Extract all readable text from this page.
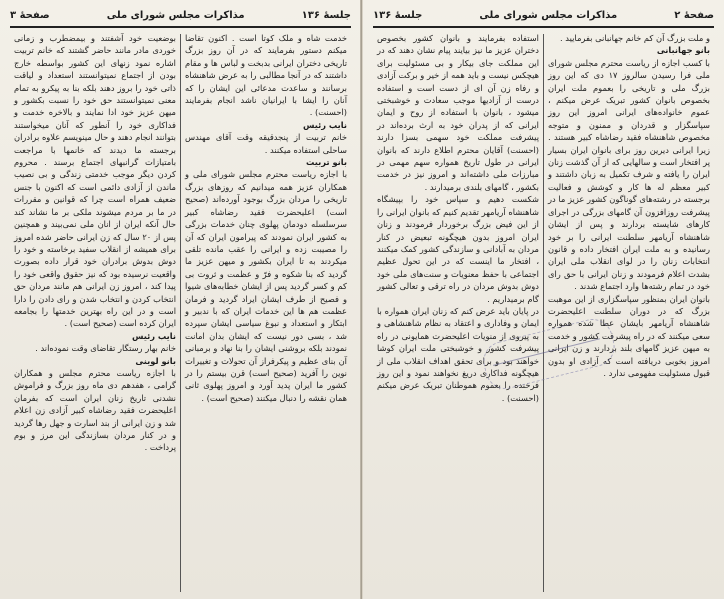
جلسهٔ ۱۳۶
مذاکرات مجلس شورای ملی
صفحهٔ ۳

خدمت شاه و ملک کوتا است . اکنون تقاضا میکنم دستور بفرمایند که در آن روز بزرگ تاریخی دختران ایرانی بدبخت و لباس ها و مقام داشتند که در آنجا مطالبی را به عرض شاهنشاه برسانند و ساعدت مدعائی این ایشان را که آنان را ایشا با ایرانیان ناشد انجام بفرمایند (احسنت) .

نایب رئیس

خانم تربیت از پنجدقیقه وقت آقای مهندس ساحلی استفاده میکنند .

بانو تربیت

با اجازه ریاست محترم مجلس شورای ملی و همکاران عزیز همه میدانیم که روزهای بزرگ تاریخی را مردان بزرگ بوجود آورده‌اند (صحیح است) اعلیحضرت فقید رضاشاه کبیر سرسلسله دودمان پهلوی چنان خدمات بزرگی به کشور ایران نمودند که پیرامون ایران که آن را مصیبت زده و ایرانی را عقب مانده تلقی میکردند به تا ایران بکشور و میهن عزیز ما گردید که بنا شکوه و فرّ و عظمت و ثروت بی کم و کسر گردید پس از ایشان خطابه‌های شیوا و فصیح از طرف ایشان ایراد گردید و فرمان عظمت هم ها این خدمات ایران که با ندبیر و ابتکار و استعداد و نبوغ سیاسی ایشان سپرده شد ، بسی دور نیست که ایشان بدان امانت نمودند بلکه بروشنی ایشان را بنا نهاد و برمبانی آن بنای عظیم و پیکرفراز آن تحولات و تغییرات نوین را آفرید (صحیح است) قرن بیستم را در کشور ما ایران پدید آورد و امروز پهلوی ثانی همان نقشه را دنبال میکنند (صحیح است) .

بوضعیت خود آشفتند و بیمضطرب و زمانی خوردی مادر مانند حاضر گشتند که خانم تربیت اشاره نمود زنهای این کشور بواسطه خارج بودن از اجتماع نمیتوانستند استعداد و لیاقت ذاتی خود را بروز دهند بلکه بنا به پیکرو به تمام معنی نمیتوانستند حق خود را نسبت بکشور و میهن عزیز خود ادا نمایند و بالاخره خدمت و فداکاری خود را آنطور که آنان میخواستند بتوانند انجام دهند و حال مینویسم علاوه برادران برجسته ما دیدند که خانمها با مراجعت بامتیازات گرانبهای اجتماع برسند . محروم کردن دیگر موجب خدمتی زندگی و بی نصیب ماندن از آزادی دائمی است که اکنون با جنس ضعیف همراه است چرا که قوانین و مقررات در ما بر مردم میشوند ملکی بر ما نشاند کند حال آنکه ایران از انان ملی نمی‌بیند و همچنین پس از ۲۰ سال که زن ایرانی حاضر شده امروز برای همیشه از انقلاب سفید برخاسته و خود را دوش بدوش برادران خود قرار داده بصورت واقعیت نرسیده بود که نیز حقوق واقعی خود را پیدا کند ، امروز زن ایرانی هم مانند مردان حق انتخاب کردن و انتخاب شدن و رای دادن را دارا است و در این راه بهترین خدمتها را بجامعه ایران کرده است (صحیح است) .

نایب رئیس

خانم بهار رستگار تقاضای وقت نموده‌اند .

بانو لوینی

با اجازه ریاست محترم مجلس و همکاران گرامی ، هفدهم دی ماه روز بزرگ و فراموش نشدنی تاریخ زنان ایران است که بفرمان اعلیحضرت فقید رضاشاه کبیر آزادی زن اعلام شد و زن ایرانی از بند اسارت و جهل رها گردید و در کنار مردان بسازندگی این مرز و بوم پرداخت .

صفحهٔ ۲
مذاکرات مجلس شورای ملی
جلسهٔ ۱۳۶

و ملت بزرگ آن کم خانم جهانبانی بفرمایید .

بانو جهانبانی

با کسب اجازه از ریاست محترم مجلس شورای ملی فرا رسیدن سالروز ۱۷ دی که این روز بزرگ ملی و تاریخی را بعموم ملت ایران بخصوص بانوان کشور تبریک عرض میکنم ، عموم خانواده‌های ایرانی امروز این روز سپاسگزار و قدردان و ممنون و متوجه مخصوص شاهنشاه فقید رضاشاه کبیر هستند . زیرا ایرانی دیرین روز برای بانوان ایران بسیار پر افتخار است و سالهایی که از آن گذشت زنان ایران را یافته و شرف تکمیل به زبان داشتند و کبیر معظم له ها کار و کوشش و فعالیت برجسته در رشته‌های گوناگون کشور عزیز ما در پیشرفت روزافزون آن گامهای بزرگی در اجرای کارهای شایسته بردارند و پس از ایشان شاهنشاه آریامهر سلطنت ایرانی را بر خود رسانیده و به ملت ایران افتخار داده و قانون انتخابات زنان را در لوای انقلاب ملی ایران بشدت اعلام فرمودند و زنان ایرانی با حق رای خود در تمام رشته‌ها وارد اجتماع شدند .

بانوان ایران بمنظور سپاسگزاری از این موهبت بزرگ که در دوران سلطنت اعلیحضرت شاهنشاه آریامهر بایشان عطا شده همواره سعی میکنند که در راه پیشرفت کشور و خدمت به میهن عزیز گامهای بلند بردارند و زن ایرانی امروز بخوبی دریافته است که آزادی او بدون قبول مسئولیت مفهومی ندارد .

استفاده بفرمایند و بانوان کشور بخصوص دختران عزیز ما نیز بیایند پیام نشان دهند که در این مملکت جای بیکار و بی مسئولیت برای هیچکس نیست و باید همه از خیر و برکت آزادی و رفاه زن آن ای از دست است و استفاده درست از آزادیها موجب سعادت و خوشبختی میشود ، بانوان با استفاده از روح و ایمان ایرانی که از پدران خود به ارث برده‌اند در پیشرفت مملکت خود سهمی بسزا دارند (احسنت) آقایان محترم اطلاع دارند که بانوان ایرانی در طول تاریخ همواره سهم مهمی در مبارزات ملی داشته‌اند و امروز نیز در خدمت بکشور ، گامهای بلندی برمیدارند .

شکست دهیم و سپاس خود را بپیشگاه شاهنشاه آریامهر تقدیم کنیم که بانوان ایرانی را از این فیض بزرگ برخوردار فرمودند و زنان ایران امروز بدون هیچگونه تبعیض در کنار مردان به آبادانی و سازندگی کشور کمک میکنند ، افتخار ما اینست که در این تحول عظیم اجتماعی با حفظ معنویات و سنت‌های ملی خود دوش بدوش مردان در راه ترقی و تعالی کشور گام برمیداریم .

در پایان باید عرض کنم که زنان ایران همواره با ایمان و وفاداری و اعتقاد به نظام شاهنشاهی و به پیروی از منویات اعلیحضرت همایونی در راه پیشرفت کشور و خوشبختی ملت ایران کوشا خواهند بود و برای تحقق اهداف انقلاب ملی از هیچگونه فداکاری دریغ نخواهند نمود و این روز فرخنده را بعموم هموطنان تبریک عرض میکنم (احسنت) .
